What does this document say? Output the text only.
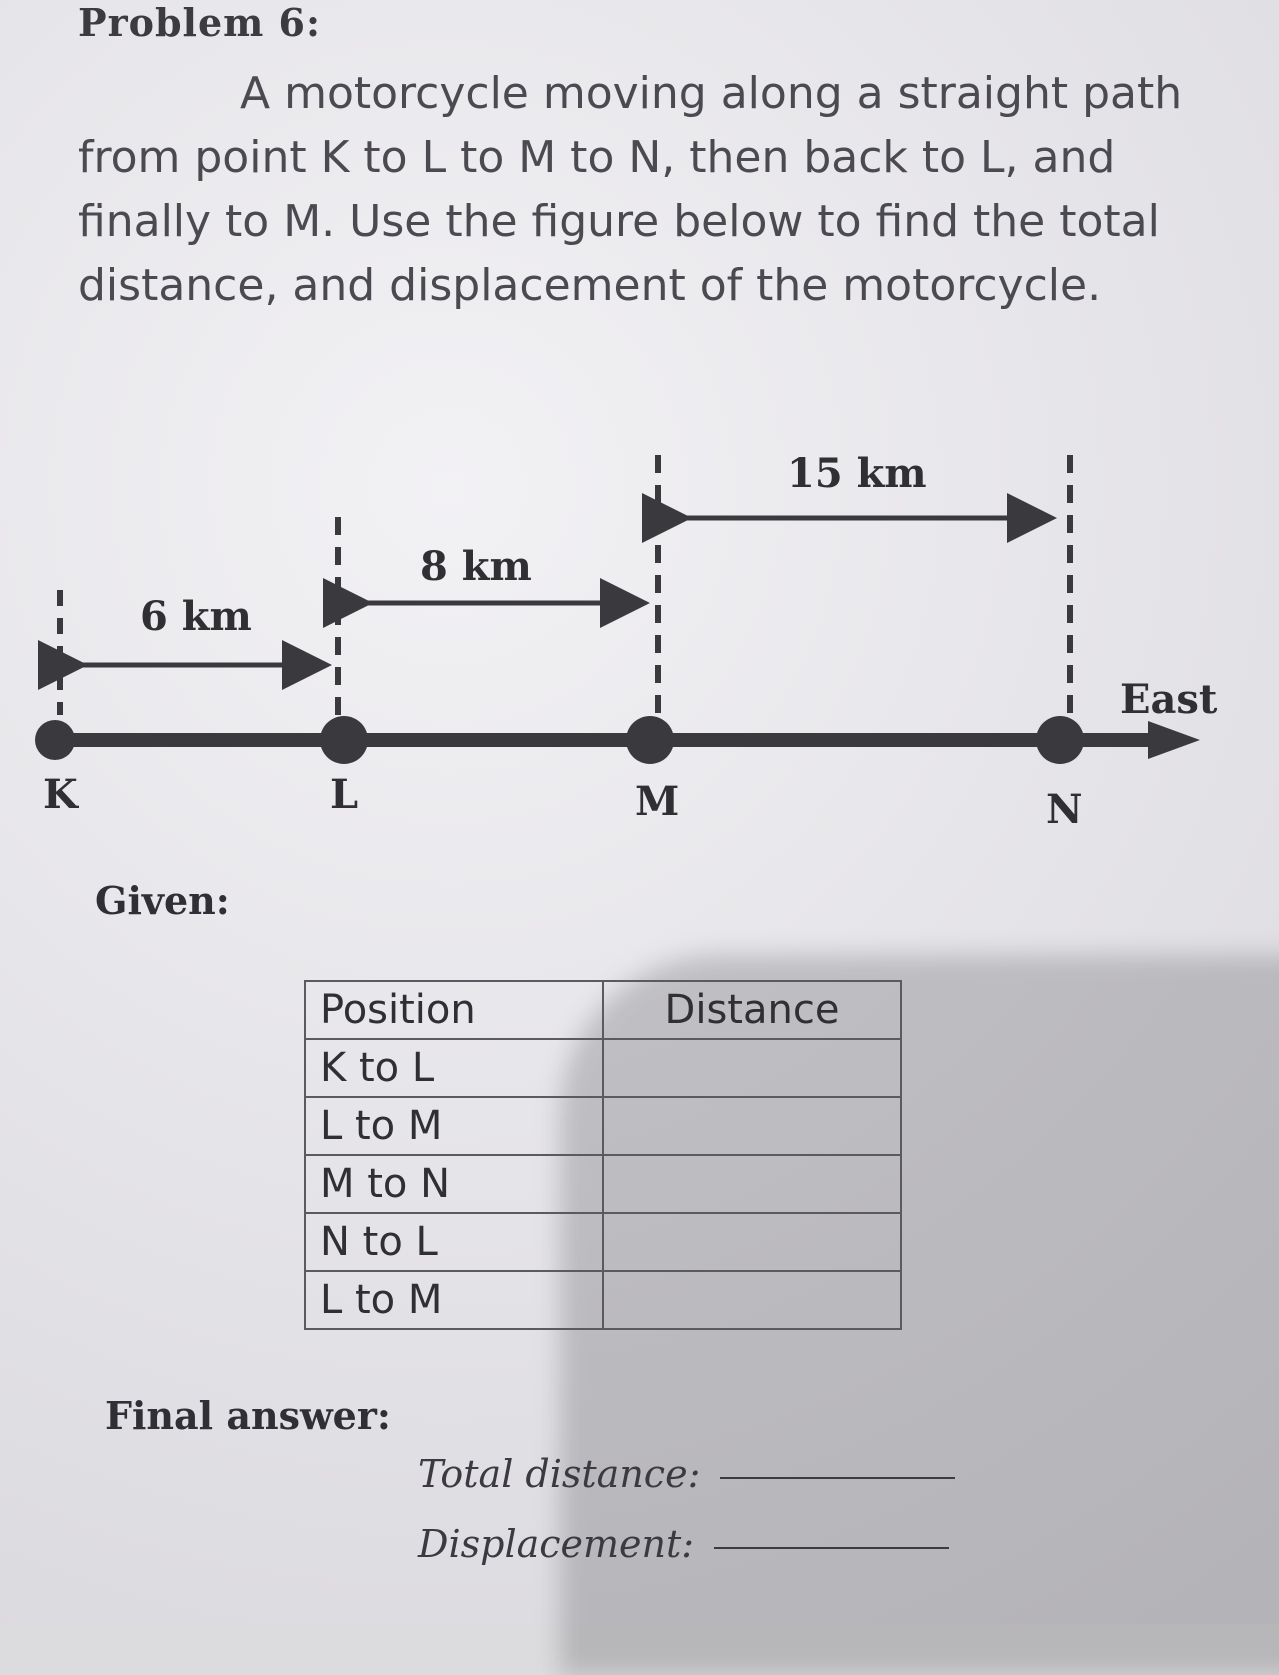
Problem 6:
A motorcycle moving along a straight path from point K to L to M to N, then back to L, and finally to M. Use the figure below to find the total distance, and displacement of the motorcycle.
6 km
8 km
15 km
K	L	M	N
East
Given:
Position	Distance
K to L	
L to M	
M to N	
N to L	
L to M	
Final answer:
Total distance:
Displacement:
